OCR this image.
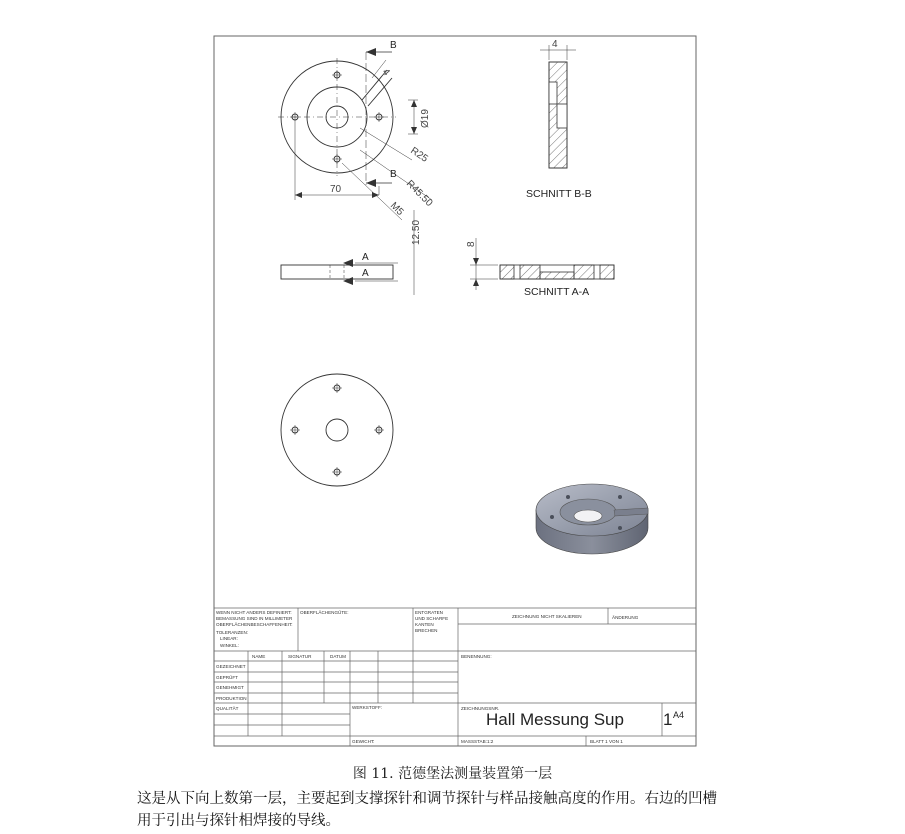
B
B
4
Ø19
R25
R45.50
M5
70
12.50
A
A
8
SCHNITT A-A
4
SCHNITT B-B
WENN NICHT ANDERS DEFINIERT:
BEMASSUNG SIND IN MILLIMETER
OBERFLÄCHENBESCHAFFENHEIT:
TOLERANZEN:
LINEAR:
WINKEL:
OBERFLÄCHENGÜTE:	ENTGRATEN
UND SCHARFE
KANTEN
BRECHEN
ZEICHNUNG NICHT SKALIEREN	ÄNDERUNG
NAME	SIGNATUR	DATUM
GEZEICHNET
GEPRÜFT
GENEHMIGT
PRODUKTION
QUALITÄT
BENENNUNG:
WERKSTOFF:	ZEICHNUNGSNR.
GEWICHT:	MASSSTAB:1:2	BLATT 1 VON 1
Hall Messung Sup 1 A4
图 11. 范德堡法测量装置第一层

这是从下向上数第一层，主要起到支撑探针和调节探针与样品接触高度的作用。右边的凹槽

用于引出与探针相焊接的导线。
